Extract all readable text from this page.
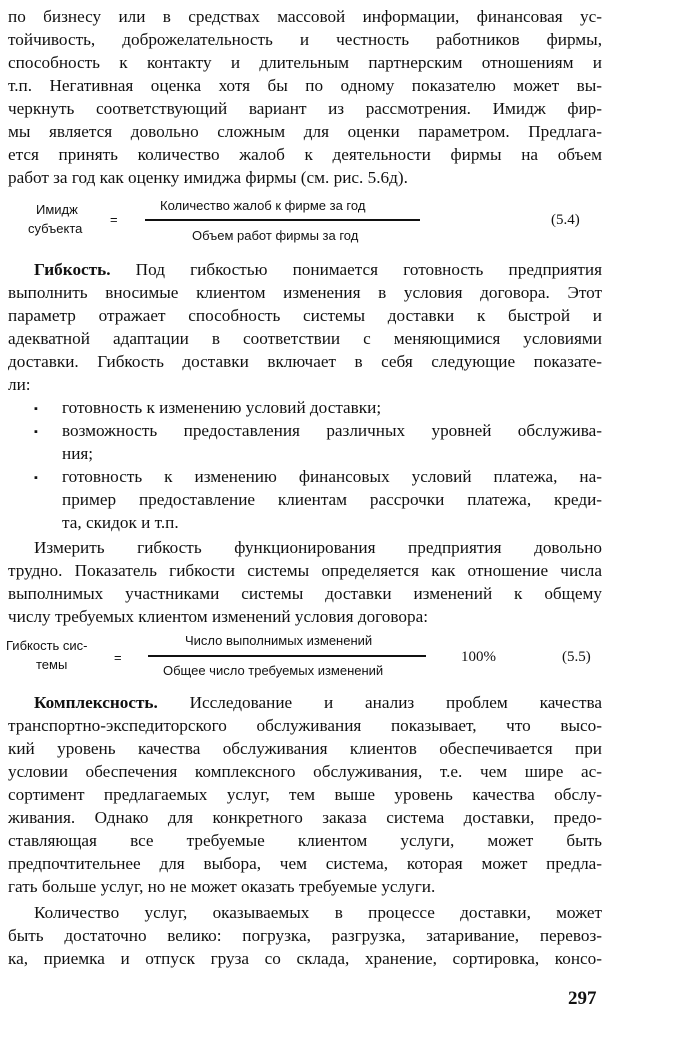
по бизнесу или в средствах массовой информации, финансовая ус-
тойчивость, доброжелательность и честность работников фирмы,
способность к контакту и длительным партнерским отношениям и
т.п. Негативная оценка хотя бы по одному показателю может вы-
черкнуть соответствующий вариант из рассмотрения. Имидж фир-
мы является довольно сложным для оценки параметром. Предлага-
ется принять количество жалоб к деятельности фирмы на объем
работ за год как оценку имиджа фирмы (см. рис. 5.6д).
Имидж
субъекта
=
Количество жалоб к фирме за год
Объем работ фирмы за год
(5.4)
Гибкость. Под гибкостью понимается готовность предприятия
выполнить вносимые клиентом изменения в условия договора. Этот
параметр отражает способность системы доставки к быстрой и
адекватной адаптации в соответствии с меняющимися условиями
доставки. Гибкость доставки включает в себя следующие показате-
ли:
▪ готовность к изменению условий доставки;
▪ возможность предоставления различных уровней обслужива-
ния;
▪ готовность к изменению финансовых условий платежа, на-
пример предоставление клиентам рассрочки платежа, креди-
та, скидок и т.п.
Измерить гибкость функционирования предприятия довольно
трудно. Показатель гибкости системы определяется как отношение числа
выполнимых участниками системы доставки изменений к общему
числу требуемых клиентом изменений условия договора:
Гибкость сис-
темы	=
Число выполнимых изменений
Общее число требуемых изменений
100%	(5.5)
Комплексность. Исследование и анализ проблем качества
транспортно-экспедиторского обслуживания показывает, что высо-
кий уровень качества обслуживания клиентов обеспечивается при
условии обеспечения комплексного обслуживания, т.е. чем шире ас-
сортимент предлагаемых услуг, тем выше уровень качества обслу-
живания. Однако для конкретного заказа система доставки, предо-
ставляющая все требуемые клиентом услуги, может быть
предпочтительнее для выбора, чем система, которая может предла-
гать больше услуг, но не может оказать требуемые услуги.
Количество услуг, оказываемых в процессе доставки, может
быть достаточно велико: погрузка, разгрузка, затаривание, перевоз-
ка, приемка и отпуск груза со склада, хранение, сортировка, консо-
297
